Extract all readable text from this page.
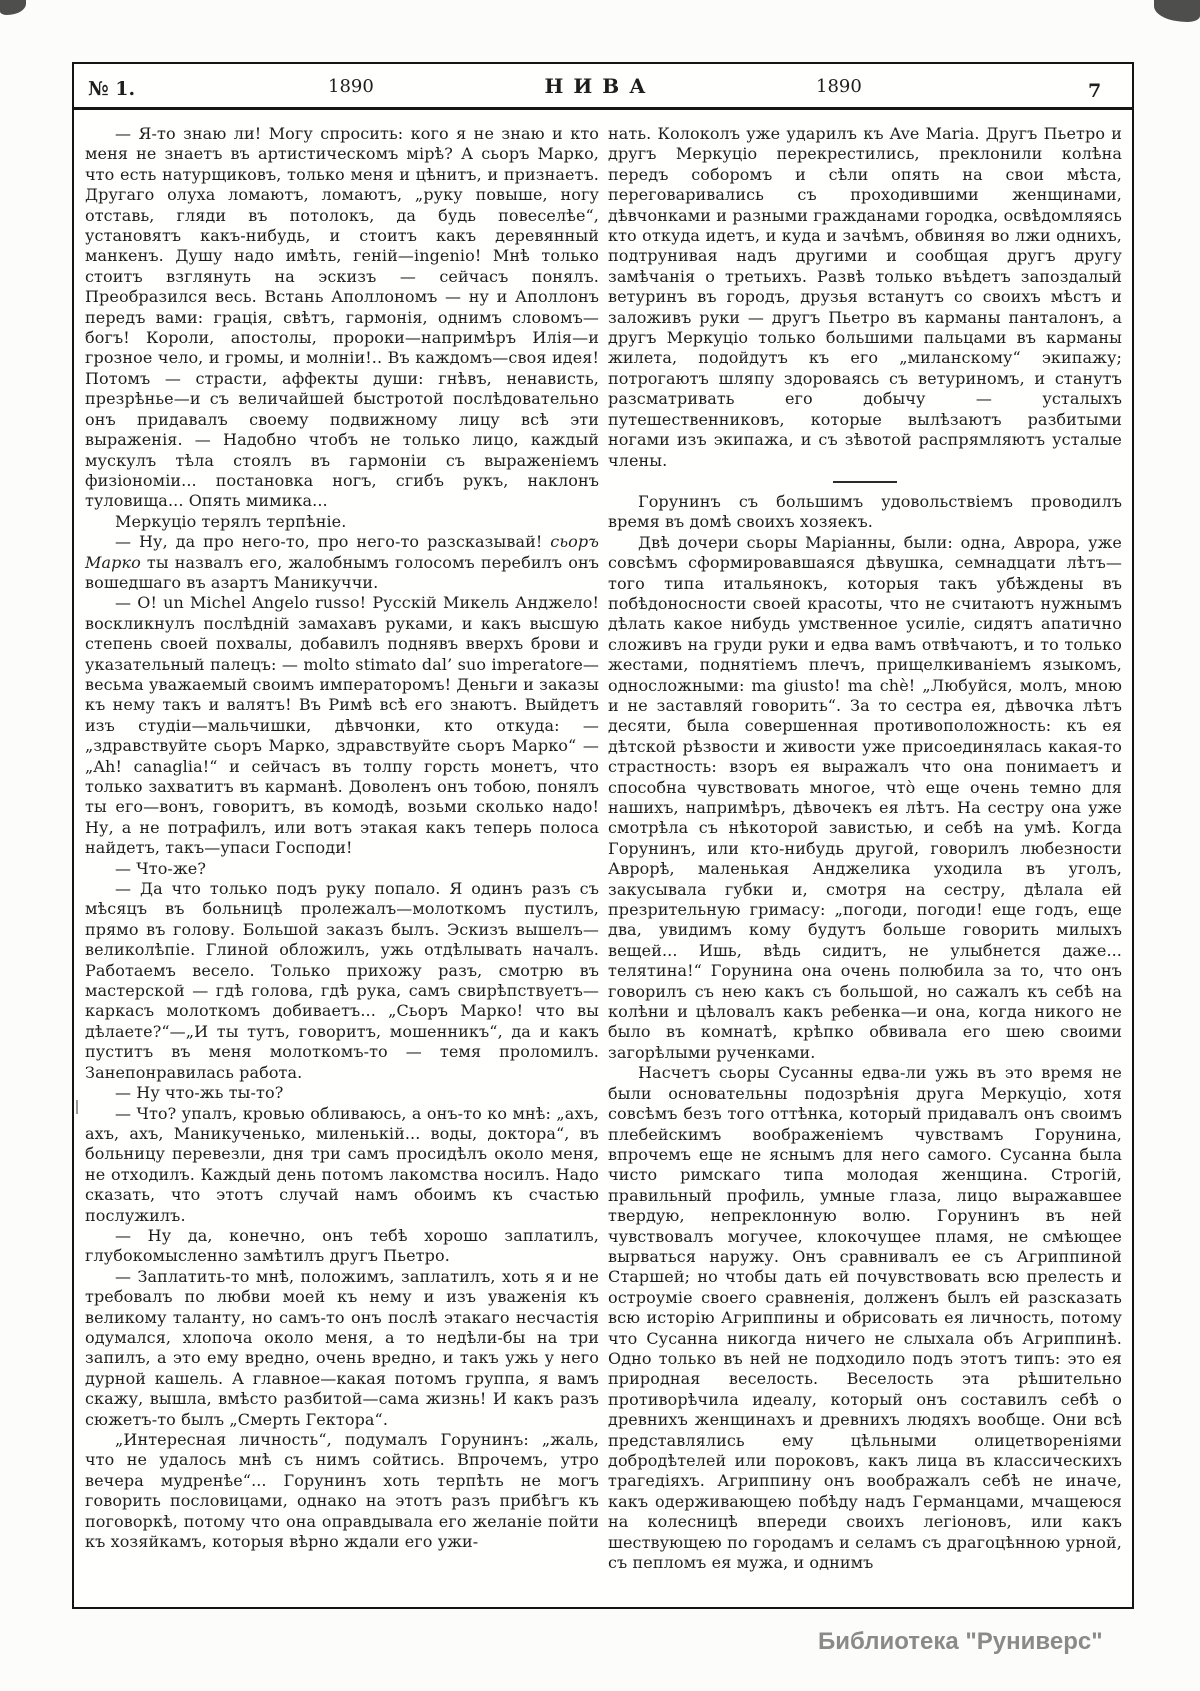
№ 1.	1890	НИВА	1890	7

— Я-то знаю ли! Могу спросить: кого я не знаю и кто меня не знаетъ въ артистическомъ мірѣ? А сьоръ Марко, что есть натурщиковъ, только меня и цѣнитъ, и признаетъ. Другаго олуха ломаютъ, ломаютъ, „руку повыше, ногу отставь, гляди въ потолокъ, да будь повеселѣе“, установятъ какъ-нибудь, и стоитъ какъ деревянный манкенъ. Душу надо имѣть, геній—ingenio! Мнѣ только стоитъ взглянуть на эскизъ — сейчасъ понялъ. Преобразился весь. Встань Аполлономъ — ну и Аполлонъ передъ вами: грація, свѣтъ, гармонія, однимъ словомъ—богъ! Короли, апостолы, пророки—напримѣръ Илія—и грозное чело, и громы, и молніи!.. Въ каждомъ—своя идея! Потомъ — страсти, аффекты души: гнѣвъ, ненависть, презрѣнье—и съ величайшей быстротой послѣдовательно онъ придавалъ своему подвижному лицу всѣ эти выраженія. — Надобно чтобъ не только лицо, каждый мускулъ тѣла стоялъ въ гармоніи съ выраженіемъ физіономіи... постановка ногъ, сгибъ рукъ, наклонъ туловища... Опять мимика...

Меркуціо терялъ терпѣніе.

— Ну, да про него-то, про него-то разсказывай! сьоръ Марко ты назвалъ его, жалобнымъ голосомъ перебилъ онъ вошедшаго въ азартъ Маникуччи.

— О! un Michel Angelo russo! Русскій Микель Анджело! воскликнулъ послѣдній замахавъ руками, и какъ высшую степень своей похвалы, добавилъ поднявъ вверхъ брови и указательный палецъ: — molto stimato dal’ suo imperatore—весьма уважаемый своимъ императоромъ! Деньги и заказы къ нему такъ и валятъ! Въ Римѣ всѣ его знаютъ. Выйдетъ изъ студіи—мальчишки, дѣвчонки, кто откуда: — „здравствуйте сьоръ Марко, здравствуйте сьоръ Марко“ — „Ah! canaglia!“ и сейчасъ въ толпу горсть монетъ, что только захватитъ въ карманѣ. Доволенъ онъ тобою, понялъ ты его—вонъ, говоритъ, въ комодѣ, возьми сколько надо! Ну, а не потрафилъ, или вотъ этакая какъ теперь полоса найдетъ, такъ—упаси Господи!

— Что-же?

— Да что только подъ руку попало. Я одинъ разъ съ мѣсяцъ въ больницѣ пролежалъ—молоткомъ пустилъ, прямо въ голову. Большой заказъ былъ. Эскизъ вышелъ—великолѣпіе. Глиной обложилъ, ужь отдѣлывать началъ. Работаемъ весело. Только прихожу разъ, смотрю въ мастерской — гдѣ голова, гдѣ рука, самъ свирѣпствуетъ—каркасъ молоткомъ добиваетъ... „Сьоръ Марко! что вы дѣлаете?“—„И ты тутъ, говоритъ, мошенникъ“, да и какъ пуститъ въ меня молоткомъ-то — темя проломилъ. Занепонравилась работа.

— Ну что-жь ты-то?

— Что? упалъ, кровью обливаюсь, а онъ-то ко мнѣ: „ахъ, ахъ, ахъ, Маникученько, миленькій... воды, доктора“, въ больницу перевезли, дня три самъ просидѣлъ около меня, не отходилъ. Каждый день потомъ лакомства носилъ. Надо сказать, что этотъ случай намъ обоимъ къ счастью послужилъ.

— Ну да, конечно, онъ тебѣ хорошо заплатилъ, глубокомысленно замѣтилъ другъ Пьетро.

— Заплатить-то мнѣ, положимъ, заплатилъ, хоть я и не требовалъ по любви моей къ нему и изъ уваженія къ великому таланту, но самъ-то онъ послѣ этакаго несчастія одумался, хлопоча около меня, а то недѣли-бы на три запилъ, а это ему вредно, очень вредно, и такъ ужь у него дурной кашель. А главное—какая потомъ группа, я вамъ скажу, вышла, вмѣсто разбитой—сама жизнь! И какъ разъ сюжетъ-то былъ „Смерть Гектора“.

„Интересная личность“, подумалъ Горунинъ: „жаль, что не удалось мнѣ съ нимъ сойтись. Впрочемъ, утро вечера мудренѣе“... Горунинъ хоть терпѣть не могъ говорить пословицами, однако на этотъ разъ прибѣгъ къ поговоркѣ, потому что она оправдывала его желаніе пойти къ хозяйкамъ, которыя вѣрно ждали его ужи-

нать. Колоколъ уже ударилъ къ Ave Maria. Другъ Пьетро и другъ Меркуціо перекрестились, преклонили колѣна передъ соборомъ и сѣли опять на свои мѣста, переговаривались съ проходившими женщинами, дѣвчонками и разными гражданами городка, освѣдомляясь кто откуда идетъ, и куда и зачѣмъ, обвиняя во лжи однихъ, подтрунивая надъ другими и сообщая другъ другу замѣчанія о третьихъ. Развѣ только въѣдетъ запоздалый ветуринъ въ городъ, друзья встанутъ со своихъ мѣстъ и заложивъ руки — другъ Пьетро въ карманы панталонъ, а другъ Меркуціо только большими пальцами въ карманы жилета, подойдутъ къ его „миланскому“ экипажу; потрогаютъ шляпу здороваясь съ ветуриномъ, и станутъ разсматривать его добычу — усталыхъ путешественниковъ, которые вылѣзаютъ разбитыми ногами изъ экипажа, и съ зѣвотой распрямляютъ усталые члены.

Горунинъ съ большимъ удовольствіемъ проводилъ время въ домѣ своихъ хозяекъ.

Двѣ дочери сьоры Маріанны, были: одна, Аврора, уже совсѣмъ сформировавшаяся дѣвушка, семнадцати лѣтъ—того типа итальянокъ, которыя такъ убѣждены въ побѣдоносности своей красоты, что не считаютъ нужнымъ дѣлать какое нибудь умственное усиліе, сидятъ апатично сложивъ на груди руки и едва вамъ отвѣчаютъ, и то только жестами, поднятіемъ плечъ, прищелкиваніемъ языкомъ, односложными: ma giusto! ma chè! „Любуйся, молъ, мною и не заставляй говорить“. За то сестра ея, дѣвочка лѣтъ десяти, была совершенная противоположность: къ ея дѣтской рѣзвости и живости уже присоединялась какая-то страстность: взоръ ея выражалъ что она понимаетъ и способна чувствовать многое, что̀ еще очень темно для нашихъ, напримѣръ, дѣвочекъ ея лѣтъ. На сестру она уже смотрѣла съ нѣкоторой завистью, и себѣ на умѣ. Когда Горунинъ, или кто-нибудь другой, говорилъ любезности Аврорѣ, маленькая Анджелика уходила въ уголъ, закусывала губки и, смотря на сестру, дѣлала ей презрительную гримасу: „погоди, погоди! еще годъ, еще два, увидимъ кому будутъ больше говорить милыхъ вещей... Ишь, вѣдь сидитъ, не улыбнется даже... телятина!“ Горунина она очень полюбила за то, что онъ говорилъ съ нею какъ съ большой, но сажалъ къ себѣ на колѣни и цѣловалъ какъ ребенка—и она, когда никого не было въ комнатѣ, крѣпко обвивала его шею своими загорѣлыми рученками.

Насчетъ сьоры Сусанны едва-ли ужь въ это время не были основательны подозрѣнія друга Меркуціо, хотя совсѣмъ безъ того оттѣнка, который придавалъ онъ своимъ плебейскимъ воображеніемъ чувствамъ Горунина, впрочемъ еще не яснымъ для него самого. Сусанна была чисто римскаго типа молодая женщина. Строгій, правильный профиль, умные глаза, лицо выражавшее твердую, непреклонную волю. Горунинъ въ ней чувствовалъ могучее, клокочущее пламя, не смѣющее вырваться наружу. Онъ сравнивалъ ее съ Агриппиной Старшей; но чтобы дать ей почувствовать всю прелесть и остроуміе своего сравненія, долженъ былъ ей разсказать всю исторію Агриппины и обрисовать ея личность, потому что Сусанна никогда ничего не слыхала объ Агриппинѣ. Одно только въ ней не подходило подъ этотъ типъ: это ея природная веселость. Веселость эта рѣшительно противорѣчила идеалу, который онъ составилъ себѣ о древнихъ женщинахъ и древнихъ людяхъ вообще. Они всѣ представлялись ему цѣльными олицетвореніями добродѣтелей или пороковъ, какъ лица въ классическихъ трагедіяхъ. Агриппину онъ воображалъ себѣ не иначе, какъ одерживающею побѣду надъ Германцами, мчащеюся на колесницѣ впереди своихъ легіоновъ, или какъ шествующею по городамъ и селамъ съ драгоцѣнною урной, съ пепломъ ея мужа, и однимъ

Библиотека "Руниверс"
